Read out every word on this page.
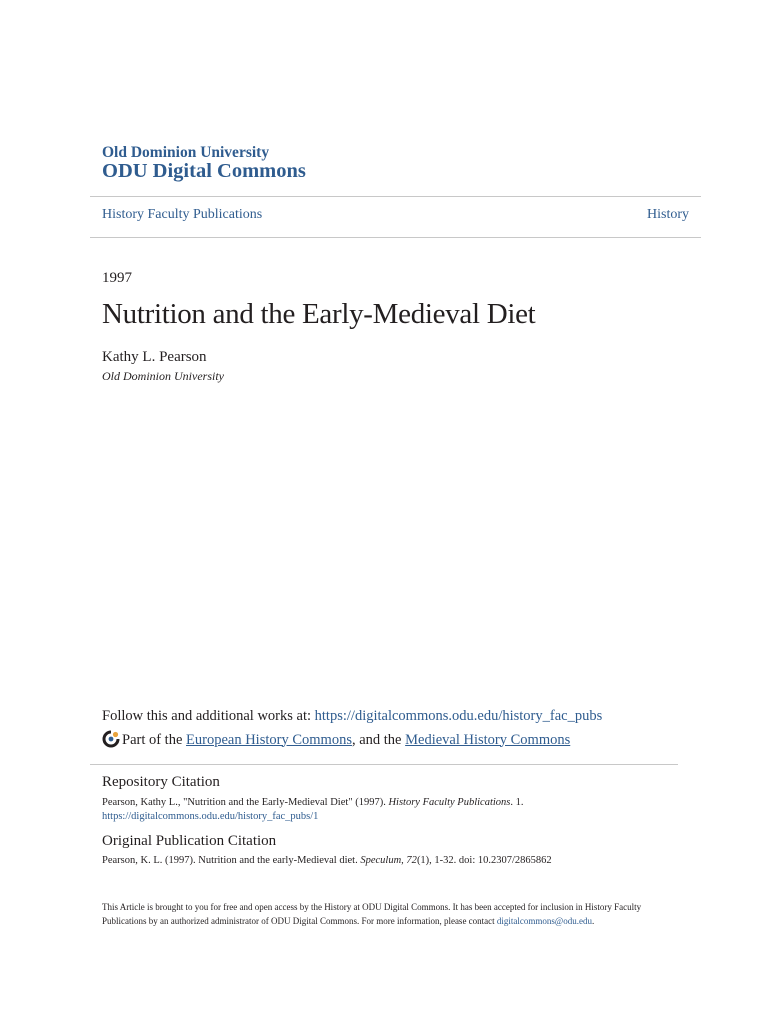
Old Dominion University
ODU Digital Commons
History Faculty Publications	History
1997
Nutrition and the Early-Medieval Diet
Kathy L. Pearson
Old Dominion University
Follow this and additional works at: https://digitalcommons.odu.edu/history_fac_pubs
Part of the
European History Commons , and the
Medieval History Commons
Repository Citation
Pearson, Kathy L., "Nutrition and the Early-Medieval Diet" (1997). History Faculty Publications. 1.
https://digitalcommons.odu.edu/history_fac_pubs/1
Original Publication Citation
Pearson, K. L. (1997). Nutrition and the early-Medieval diet. Speculum, 72(1), 1-32. doi: 10.2307/2865862
This Article is brought to you for free and open access by the History at ODU Digital Commons. It has been accepted for inclusion in History Faculty Publications by an authorized administrator of ODU Digital Commons. For more information, please contact digitalcommons@odu.edu.
